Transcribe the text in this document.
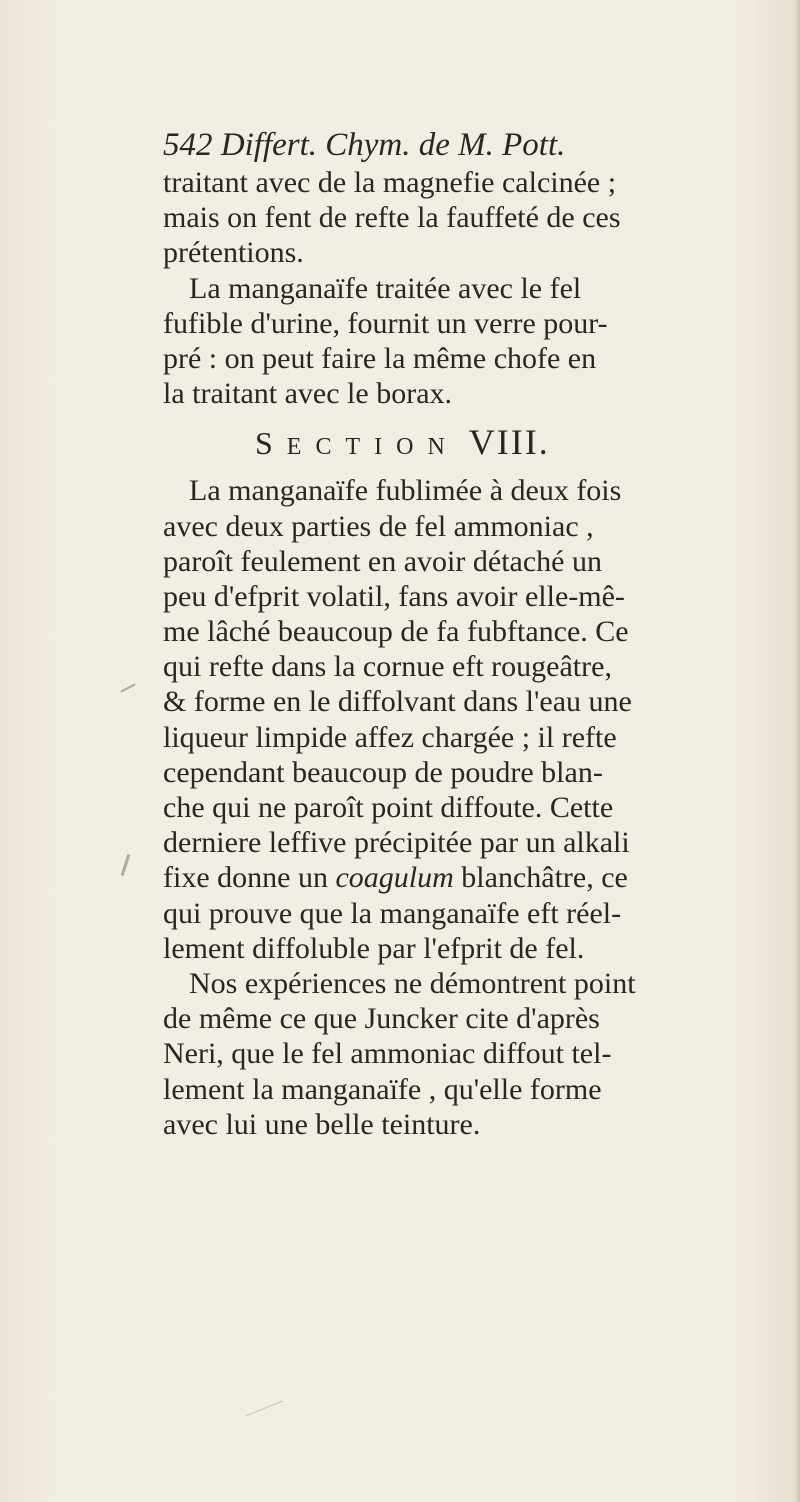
542 Differt. Chym. de M. Pott.
traitant avec de la magnefie calcinée ;
mais on fent de refte la fauffeté de ces
prétentions.
La manganaïfe traitée avec le fel
fufible d'urine, fournit un verre pour-
pré : on peut faire la même chofe en
la traitant avec le borax.
SECTION VIII.
La manganaïfe fublimée à deux fois
avec deux parties de fel ammoniac ,
paroît feulement en avoir détaché un
peu d'efprit volatil, fans avoir elle-mê-
me lâché beaucoup de fa fubftance. Ce
qui refte dans la cornue eft rougeâtre,
& forme en le diffolvant dans l'eau une
liqueur limpide affez chargée ; il refte
cependant beaucoup de poudre blan-
che qui ne paroît point diffoute. Cette
derniere leffive précipitée par un alkali
fixe donne un coagulum blanchâtre, ce
qui prouve que la manganaïfe eft réel-
lement diffoluble par l'efprit de fel.
Nos expériences ne démontrent point
de même ce que Juncker cite d'après
Neri, que le fel ammoniac diffout tel-
lement la manganaïfe , qu'elle forme
avec lui une belle teinture.
